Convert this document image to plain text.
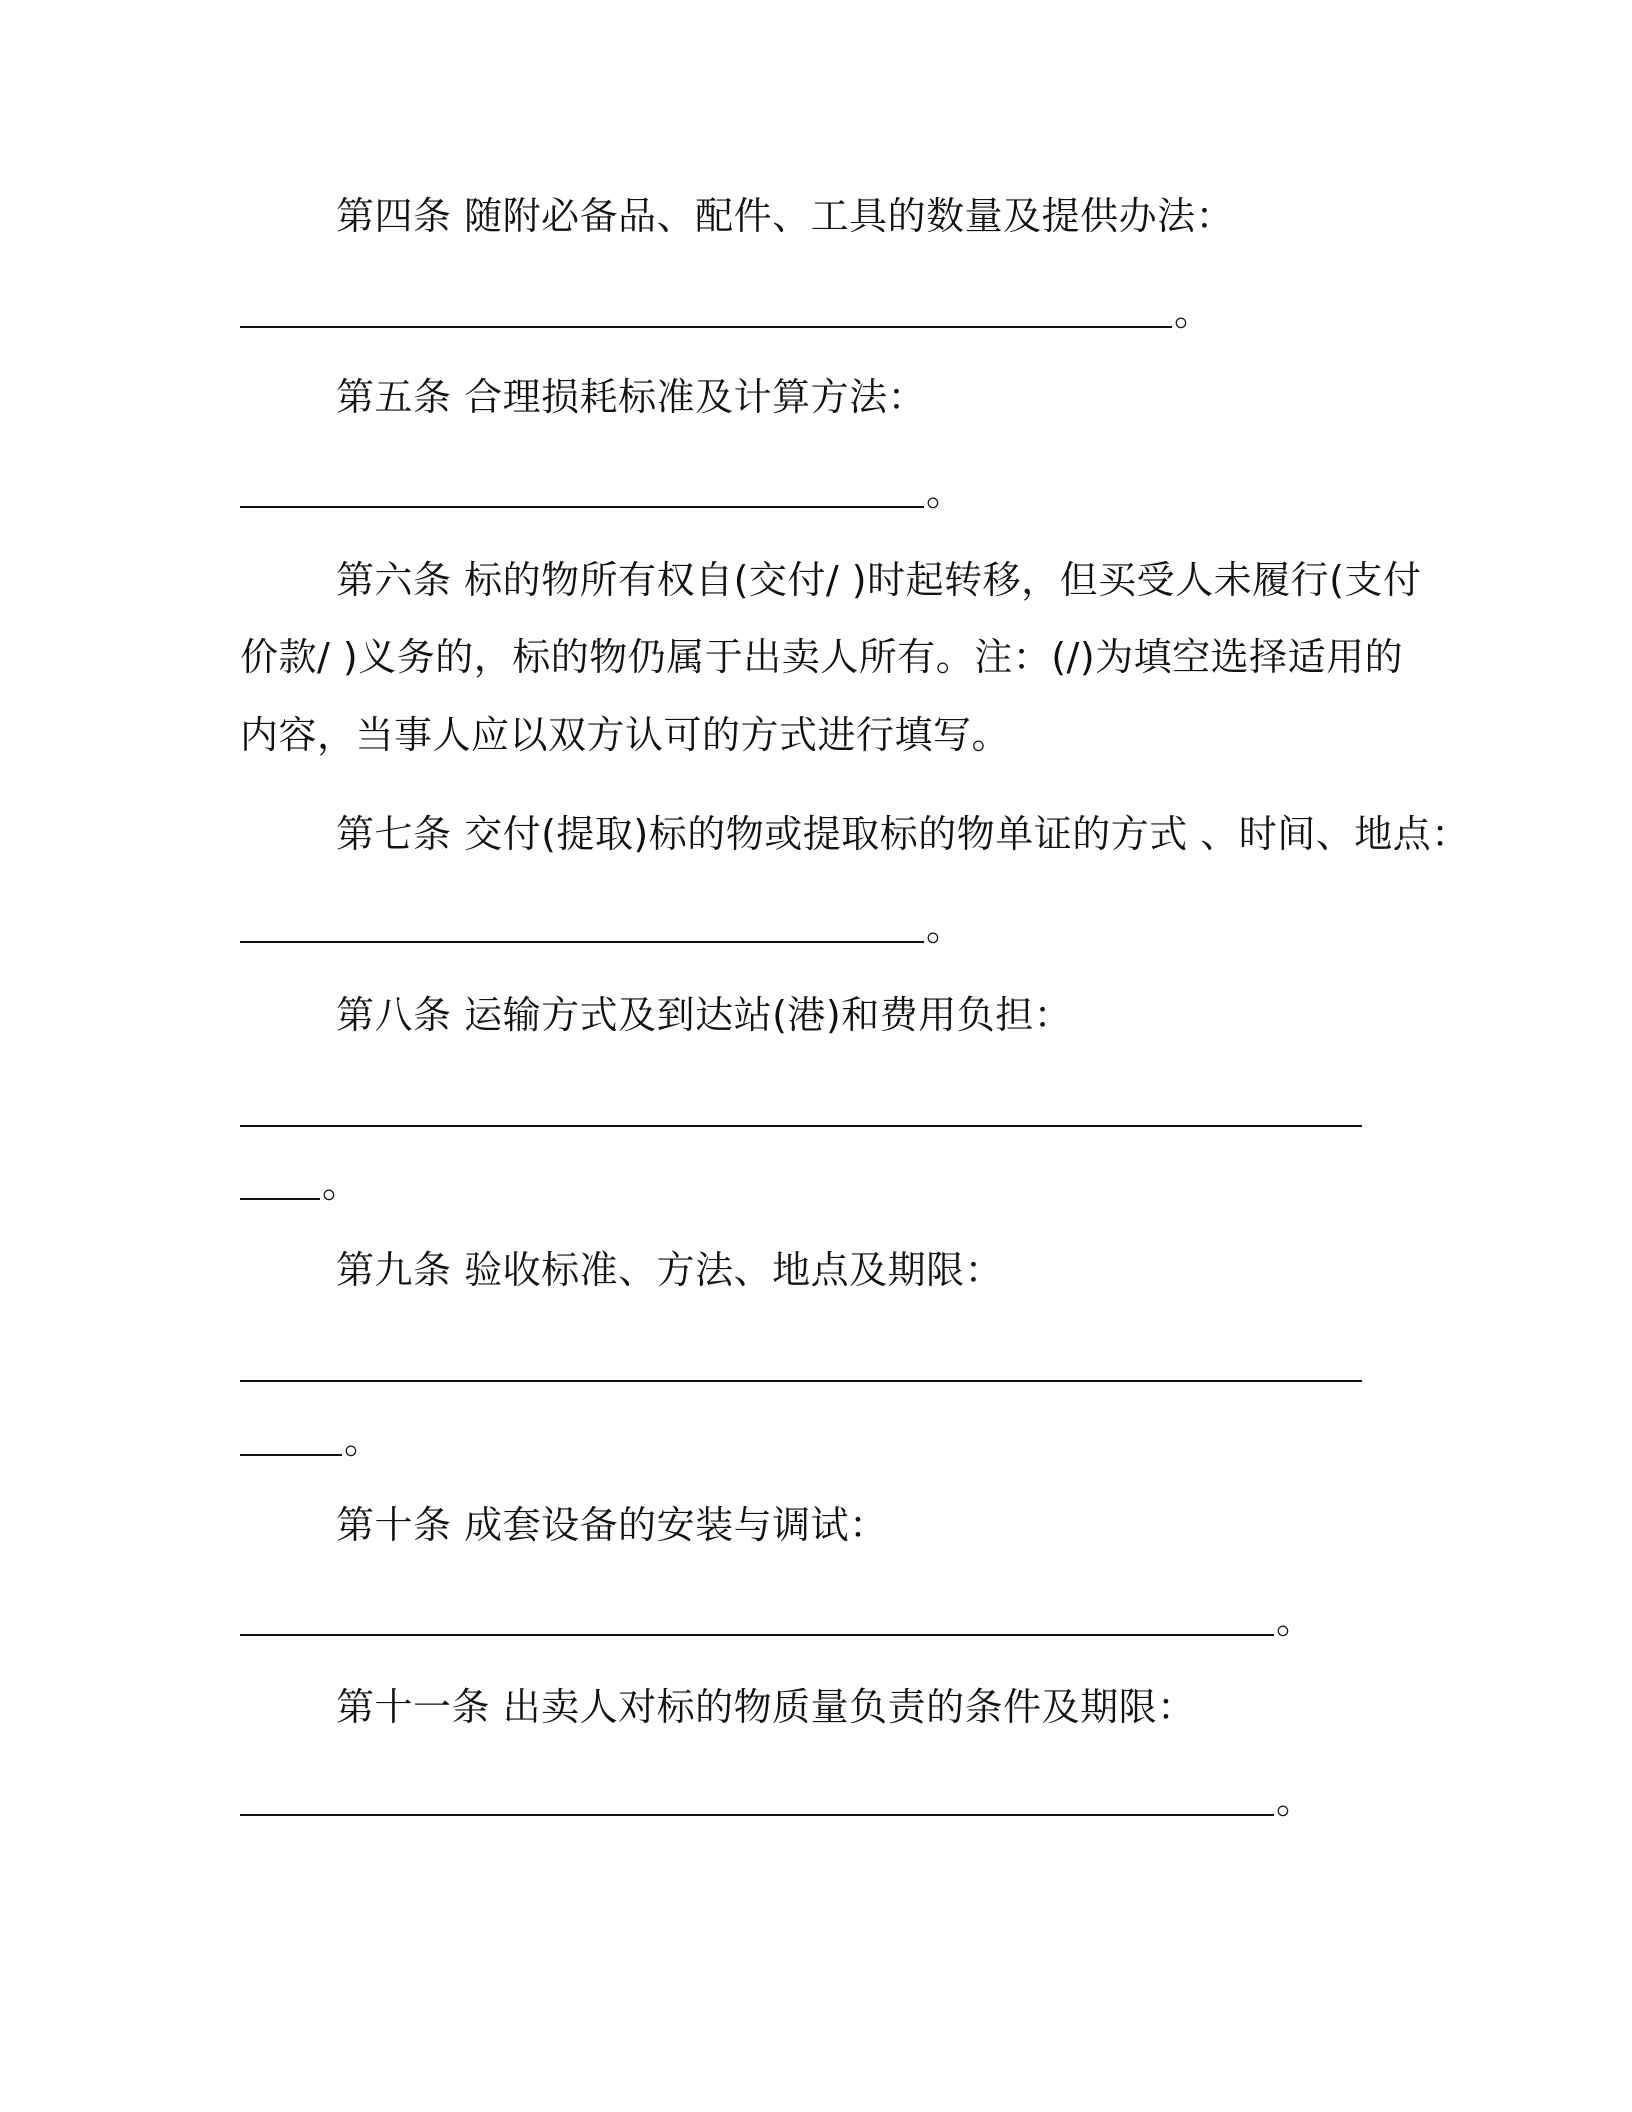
第四条 随附必备品、配件、工具的数量及提供办法：
。
第五条 合理损耗标准及计算方法：
。
第六条 标的物所有权自(交付/ )时起转移，但买受人未履行(支付
价款/ )义务的，标的物仍属于出卖人所有。注：(/)为填空选择适用的
内容，当事人应以双方认可的方式进行填写。
第七条 交付(提取)标的物或提取标的物单证的方式 、时间、地点：
。
第八条 运输方式及到达站(港)和费用负担：
。
第九条 验收标准、方法、地点及期限：
。
第十条 成套设备的安装与调试：
。
第十一条 出卖人对标的物质量负责的条件及期限：
。
